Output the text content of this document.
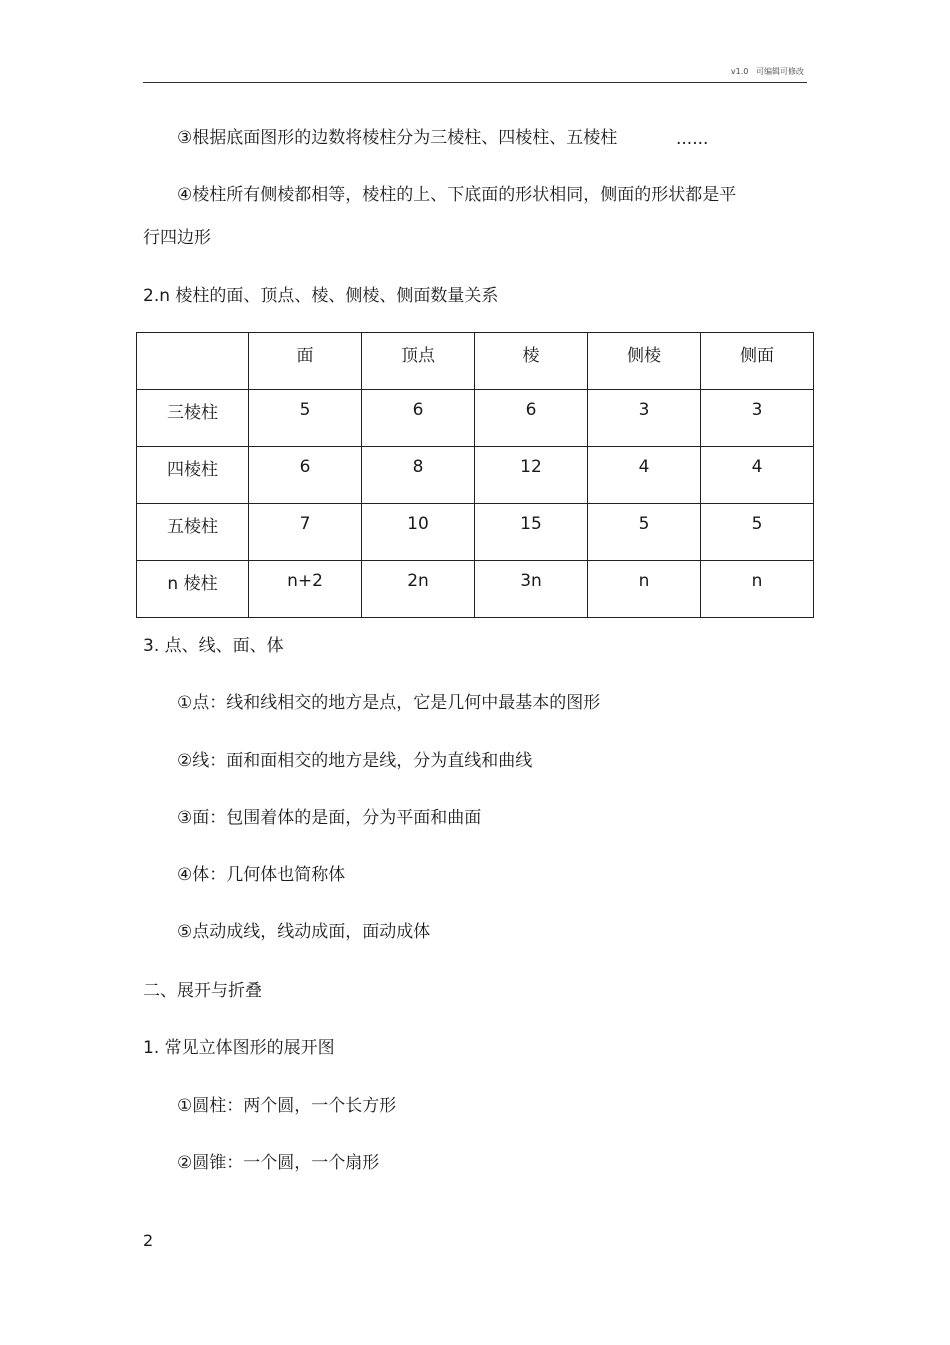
v1.0 可编辑可修改
③根据底面图形的边数将棱柱分为三棱柱、四棱柱、五棱柱	......
④棱柱所有侧棱都相等，棱柱的上、下底面的形状相同，侧面的形状都是平
行四边形
2.n 棱柱的面、顶点、棱、侧棱、侧面数量关系
	面	顶点	棱	侧棱	侧面
三棱柱	5	6	6	3	3
四棱柱	6	8	12	4	4
五棱柱	7	10	15	5	5
n 棱柱	n+2	2n	3n	n	n
3. 点、线、面、体
①点：线和线相交的地方是点，它是几何中最基本的图形
②线：面和面相交的地方是线，分为直线和曲线
③面：包围着体的是面，分为平面和曲面
④体：几何体也简称体
⑤点动成线，线动成面，面动成体
二、展开与折叠
1. 常见立体图形的展开图
①圆柱：两个圆，一个长方形
②圆锥：一个圆，一个扇形
2
